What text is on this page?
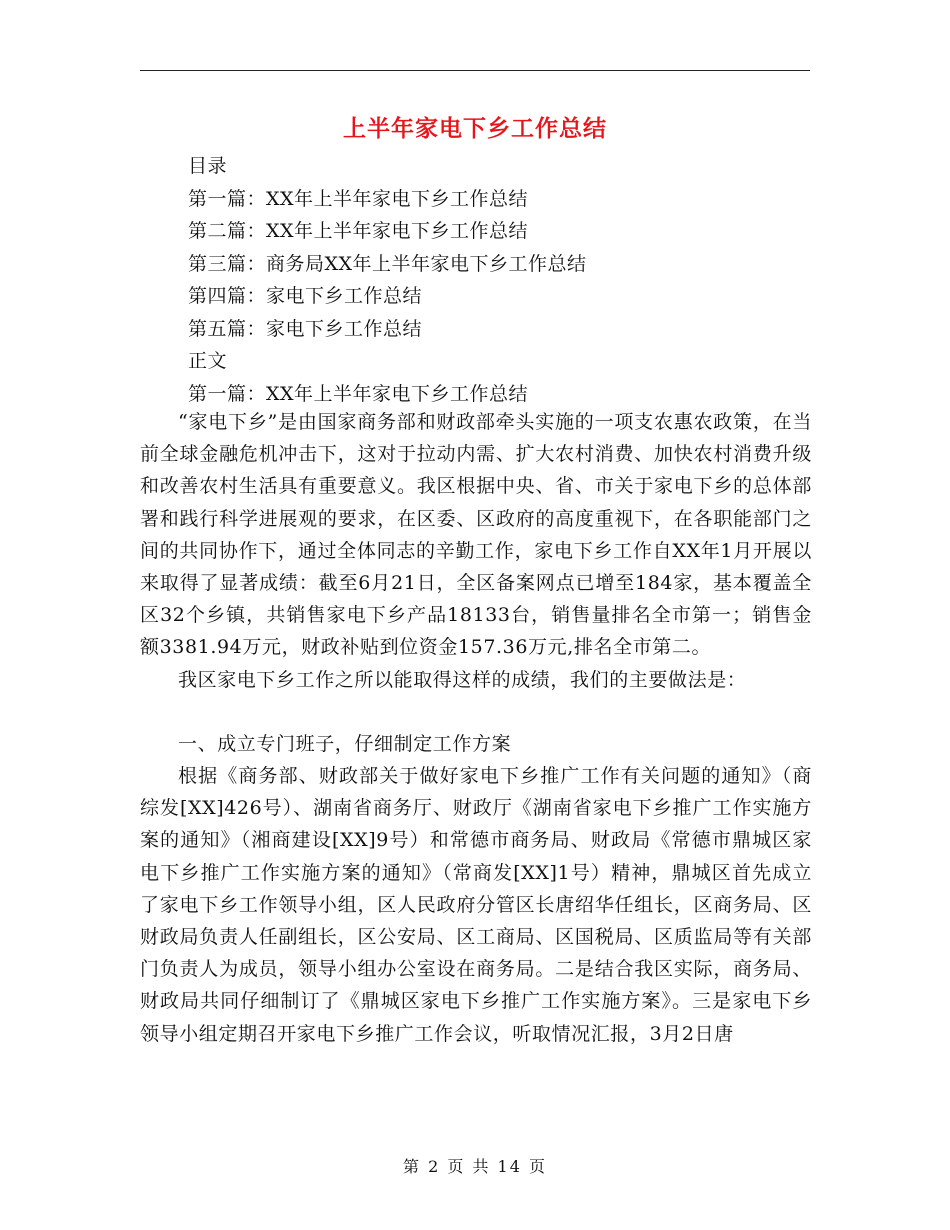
上半年家电下乡工作总结
目录
第一篇：XX年上半年家电下乡工作总结
第二篇：XX年上半年家电下乡工作总结
第三篇：商务局XX年上半年家电下乡工作总结
第四篇：家电下乡工作总结
第五篇：家电下乡工作总结
正文
第一篇：XX年上半年家电下乡工作总结

“家电下乡”是由国家商务部和财政部牵头实施的一项支农惠农政策，在当前全球金融危机冲击下，这对于拉动内需、扩大农村消费、加快农村消费升级和改善农村生活具有重要意义。我区根据中央、省、市关于家电下乡的总体部署和践行科学进展观的要求，在区委、区政府的高度重视下，在各职能部门之间的共同协作下，通过全体同志的辛勤工作，家电下乡工作自XX年1月开展以来取得了显著成绩：截至6月21日，全区备案网点已增至184家，基本覆盖全区32个乡镇，共销售家电下乡产品18133台，销售量排名全市第一；销售金额3381.94万元，财政补贴到位资金157.36万元,排名全市第二。

我区家电下乡工作之所以能取得这样的成绩，我们的主要做法是：

一、成立专门班子，仔细制定工作方案

根据《商务部、财政部关于做好家电下乡推广工作有关问题的通知》（商综发[XX]426号）、湖南省商务厅、财政厅《湖南省家电下乡推广工作实施方案的通知》（湘商建设[XX]9号）和常德市商务局、财政局《常德市鼎城区家电下乡推广工作实施方案的通知》（常商发[XX]1号）精神，鼎城区首先成立了家电下乡工作领导小组，区人民政府分管区长唐绍华任组长，区商务局、区财政局负责人任副组长，区公安局、区工商局、区国税局、区质监局等有关部门负责人为成员，领导小组办公室设在商务局。二是结合我区实际，商务局、财政局共同仔细制订了《鼎城区家电下乡推广工作实施方案》。三是家电下乡领导小组定期召开家电下乡推广工作会议，听取情况汇报，3月2日唐

第 2 页 共 14 页
